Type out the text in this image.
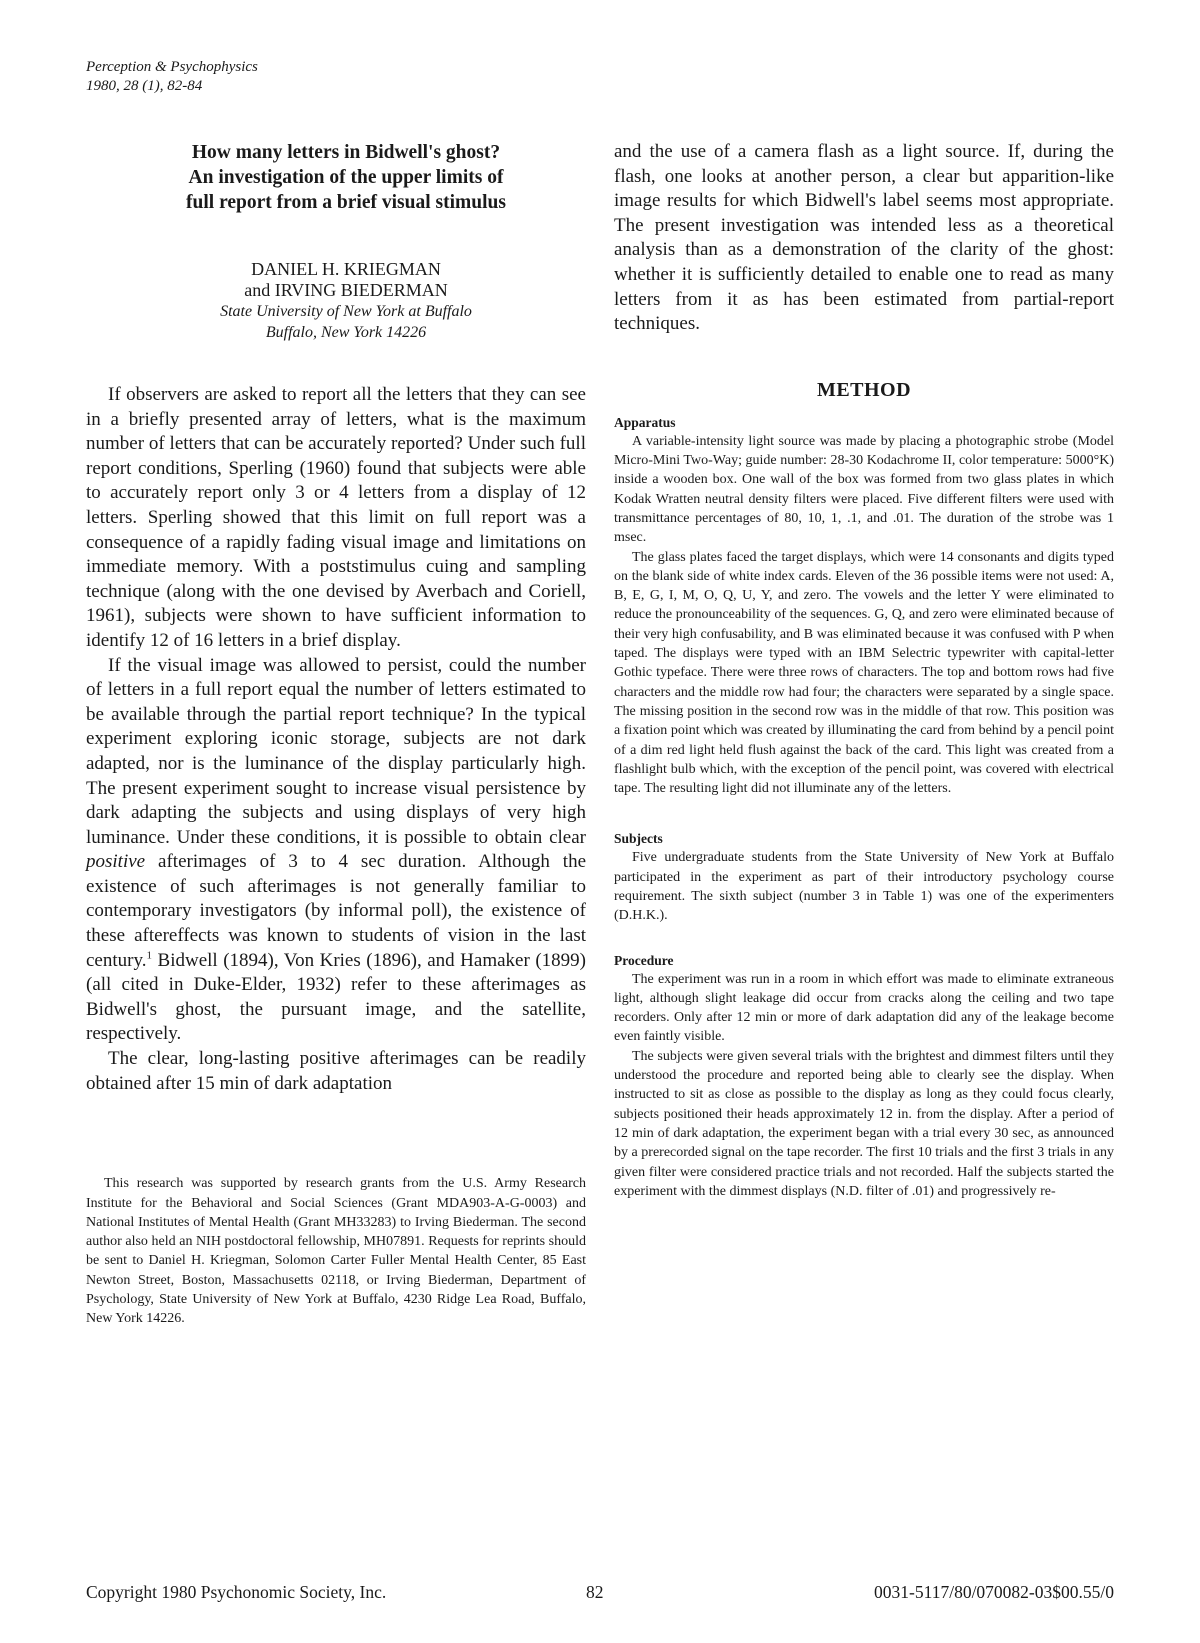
Perception & Psychophysics
1980, 28 (1), 82-84
How many letters in Bidwell's ghost?
An investigation of the upper limits of
full report from a brief visual stimulus
DANIEL H. KRIEGMAN
and IRVING BIEDERMAN
State University of New York at Buffalo
Buffalo, New York 14226

If observers are asked to report all the letters that they can see in a briefly presented array of letters, what is the maximum number of letters that can be accurately reported? Under such full report conditions, Sperling (1960) found that subjects were able to accurately report only 3 or 4 letters from a display of 12 letters. Sperling showed that this limit on full report was a consequence of a rapidly fading visual image and limitations on immediate memory. With a poststimulus cuing and sampling technique (along with the one devised by Averbach and Coriell, 1961), subjects were shown to have sufficient information to identify 12 of 16 letters in a brief display.

If the visual image was allowed to persist, could the number of letters in a full report equal the number of letters estimated to be available through the partial report technique? In the typical experiment exploring iconic storage, subjects are not dark adapted, nor is the luminance of the display particularly high. The present experiment sought to increase visual persistence by dark adapting the subjects and using displays of very high luminance. Under these conditions, it is possible to obtain clear positive afterimages of 3 to 4 sec duration. Although the existence of such afterimages is not generally familiar to contemporary investigators (by informal poll), the existence of these aftereffects was known to students of vision in the last century.$^1$ Bidwell (1894), Von Kries (1896), and Hamaker (1899) (all cited in Duke-Elder, 1932) refer to these afterimages as Bidwell's ghost, the pursuant image, and the satellite, respectively.

The clear, long-lasting positive afterimages can be readily obtained after 15 min of dark adaptation

This research was supported by research grants from the U.S. Army Research Institute for the Behavioral and Social Sciences (Grant MDA903-A-G-0003) and National Institutes of Mental Health (Grant MH33283) to Irving Biederman. The second author also held an NIH postdoctoral fellowship, MH07891. Requests for reprints should be sent to Daniel H. Kriegman, Solomon Carter Fuller Mental Health Center, 85 East Newton Street, Boston, Massachusetts 02118, or Irving Biederman, Department of Psychology, State University of New York at Buffalo, 4230 Ridge Lea Road, Buffalo, New York 14226.

and the use of a camera flash as a light source. If, during the flash, one looks at another person, a clear but apparition-like image results for which Bidwell's label seems most appropriate. The present investigation was intended less as a theoretical analysis than as a demonstration of the clarity of the ghost: whether it is sufficiently detailed to enable one to read as many letters from it as has been estimated from partial-report techniques.

METHOD

Apparatus

A variable-intensity light source was made by placing a photographic strobe (Model Micro-Mini Two-Way; guide number: 28-30 Kodachrome II, color temperature: 5000°K) inside a wooden box. One wall of the box was formed from two glass plates in which Kodak Wratten neutral density filters were placed. Five different filters were used with transmittance percentages of 80, 10, 1, .1, and .01. The duration of the strobe was 1 msec.

The glass plates faced the target displays, which were 14 consonants and digits typed on the blank side of white index cards. Eleven of the 36 possible items were not used: A, B, E, G, I, M, O, Q, U, Y, and zero. The vowels and the letter Y were eliminated to reduce the pronounceability of the sequences. G, Q, and zero were eliminated because of their very high confusability, and B was eliminated because it was confused with P when taped. The displays were typed with an IBM Selectric typewriter with capital-letter Gothic typeface. There were three rows of characters. The top and bottom rows had five characters and the middle row had four; the characters were separated by a single space. The missing position in the second row was in the middle of that row. This position was a fixation point which was created by illuminating the card from behind by a pencil point of a dim red light held flush against the back of the card. This light was created from a flashlight bulb which, with the exception of the pencil point, was covered with electrical tape. The resulting light did not illuminate any of the letters.

Subjects

Five undergraduate students from the State University of New York at Buffalo participated in the experiment as part of their introductory psychology course requirement. The sixth subject (number 3 in Table 1) was one of the experimenters (D.H.K.).

Procedure

The experiment was run in a room in which effort was made to eliminate extraneous light, although slight leakage did occur from cracks along the ceiling and two tape recorders. Only after 12 min or more of dark adaptation did any of the leakage become even faintly visible.

The subjects were given several trials with the brightest and dimmest filters until they understood the procedure and reported being able to clearly see the display. When instructed to sit as close as possible to the display as long as they could focus clearly, subjects positioned their heads approximately 12 in. from the display. After a period of 12 min of dark adaptation, the experiment began with a trial every 30 sec, as announced by a prerecorded signal on the tape recorder. The first 10 trials and the first 3 trials in any given filter were considered practice trials and not recorded. Half the subjects started the experiment with the dimmest displays (N.D. filter of .01) and progressively re-

Copyright 1980 Psychonomic Society, Inc.	82	0031-5117/80/070082-03$00.55/0
